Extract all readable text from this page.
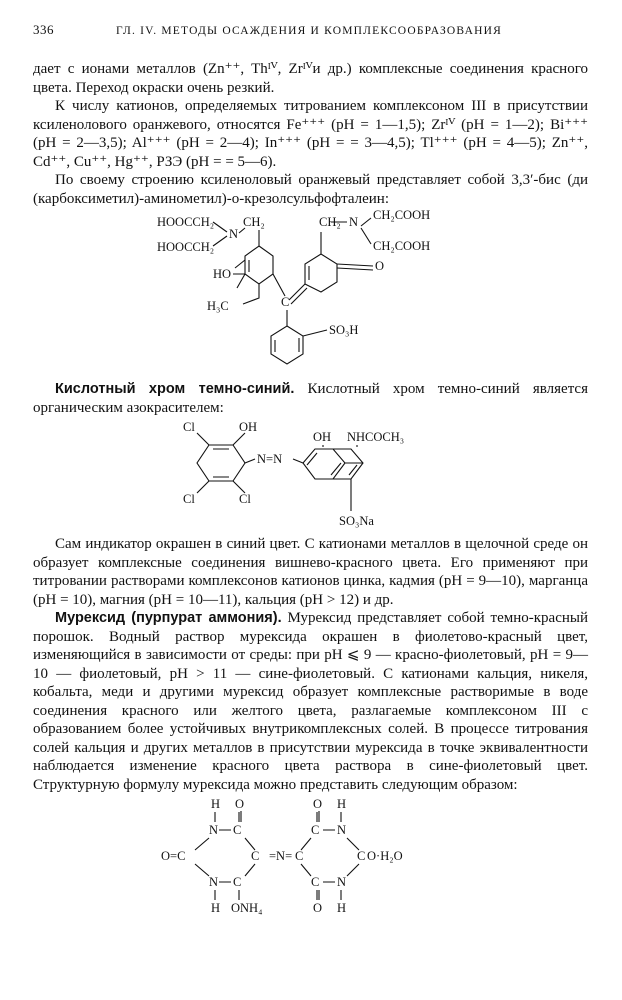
336	ГЛ. IV. МЕТОДЫ ОСАЖДЕНИЯ И КОМПЛЕКСООБРАЗОВАНИЯ

дает с ионами металлов (Zn⁺⁺, Thᴵⱽ, Zrᴵⱽи др.) комплексные соединения красного цвета. Переход окраски очень резкий.

К числу катионов, определяемых титрованием комплексоном III в присутствии ксиленолового оранжевого, относятся Fe⁺⁺⁺ (pH = 1—1,5); Zrᴵⱽ (pH = 1—2); Bi⁺⁺⁺ (pH = 2—3,5); Al⁺⁺⁺ (pH = 2—4); In⁺⁺⁺ (pH = = 3—4,5); Tl⁺⁺⁺ (pH = 4—5); Zn⁺⁺, Cd⁺⁺, Cu⁺⁺, Hg⁺⁺, РЗЭ (pH = = 5—6).

По своему строению ксиленоловый оранжевый представляет собой 3,3′-бис (ди (карбоксиметил)-аминометил)-о-крезолсульфофталеин:

HOOCCH₂
N
CH₂
HOOCCH₂
HO
H₃C	C
CH₂ N CH₂COOH
CH₂COOH
O
SO₃H

Кислотный хром темно-синий. Кислотный хром темно-синий является органическим азокрасителем:

Cl	OH
N=N
OH NHCOCH₃
Cl	Cl
SO₃Na

Сам индикатор окрашен в синий цвет. С катионами металлов в щелочной среде он образует комплексные соединения вишнево-красного цвета. Его применяют при титровании растворами комплексонов катионов цинка, кадмия (pH = 9—10), марганца (pH = 10), магния (pH = 10—11), кальция (pH > 12) и др.

Мурексид (пурпурат аммония). Мурексид представляет собой темно-красный порошок. Водный раствор мурексида окрашен в фиолетово-красный цвет, изменяющийся в зависимости от среды: при pH ⩽ 9 — красно-фиолетовый, pH = 9—10 — фиолетовый, pH > 11 — сине-фиолетовый. С катионами кальция, никеля, кобальта, меди и другими мурексид образует комплексные растворимые в воде соединения красного или желтого цвета, разлагаемые комплексоном III с образованием более устойчивых внутрикомплексных солей. В процессе титрования солей кальция и других металлов в присутствии мурексида в точке эквивалентности наблюдается изменение красного цвета раствора в сине-фиолетовый цвет. Структурную формулу мурексида можно представить следующим образом:

H O	O H
N C	C N
O=C	C =N= C	C O·H₂O
N C	C N
H ONH₄	O H
